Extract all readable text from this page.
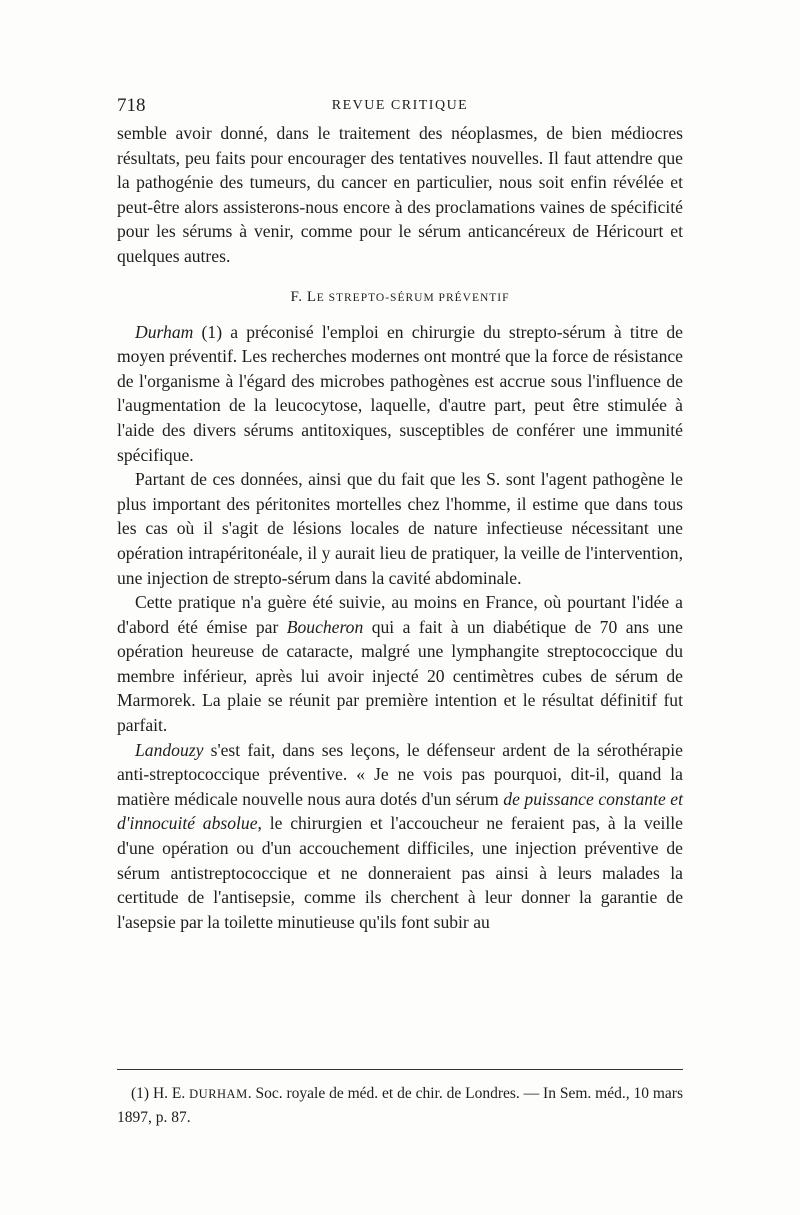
718	REVUE CRITIQUE

semble avoir donné, dans le traitement des néoplasmes, de bien médiocres résultats, peu faits pour encourager des tentatives nouvelles. Il faut attendre que la pathogénie des tumeurs, du cancer en particulier, nous soit enfin révélée et peut-être alors assisterons-nous encore à des proclamations vaines de spécificité pour les sérums à venir, comme pour le sérum anticancéreux de Héricourt et quelques autres.

F. LE STREPTO-SÉRUM PRÉVENTIF

Durham (1) a préconisé l'emploi en chirurgie du strepto-sérum à titre de moyen préventif. Les recherches modernes ont montré que la force de résistance de l'organisme à l'égard des microbes pathogènes est accrue sous l'influence de l'augmentation de la leucocytose, laquelle, d'autre part, peut être stimulée à l'aide des divers sérums antitoxiques, susceptibles de conférer une immunité spécifique.

Partant de ces données, ainsi que du fait que les S. sont l'agent pathogène le plus important des péritonites mortelles chez l'homme, il estime que dans tous les cas où il s'agit de lésions locales de nature infectieuse nécessitant une opération intrapéritonéale, il y aurait lieu de pratiquer, la veille de l'intervention, une injection de strepto-sérum dans la cavité abdominale.

Cette pratique n'a guère été suivie, au moins en France, où pourtant l'idée a d'abord été émise par Boucheron qui a fait à un diabétique de 70 ans une opération heureuse de cataracte, malgré une lymphangite streptococcique du membre inférieur, après lui avoir injecté 20 centimètres cubes de sérum de Marmorek. La plaie se réunit par première intention et le résultat définitif fut parfait.

Landouzy s'est fait, dans ses leçons, le défenseur ardent de la sérothérapie anti-streptococcique préventive. « Je ne vois pas pourquoi, dit-il, quand la matière médicale nouvelle nous aura dotés d'un sérum de puissance constante et d'innocuité absolue, le chirurgien et l'accoucheur ne feraient pas, à la veille d'une opération ou d'un accouchement difficiles, une injection préventive de sérum antistreptococcique et ne donneraient pas ainsi à leurs malades la certitude de l'antisepsie, comme ils cherchent à leur donner la garantie de l'asepsie par la toilette minutieuse qu'ils font subir au

(1) H. E. DURHAM. Soc. royale de méd. et de chir. de Londres. — In Sem. méd., 10 mars 1897, p. 87.
